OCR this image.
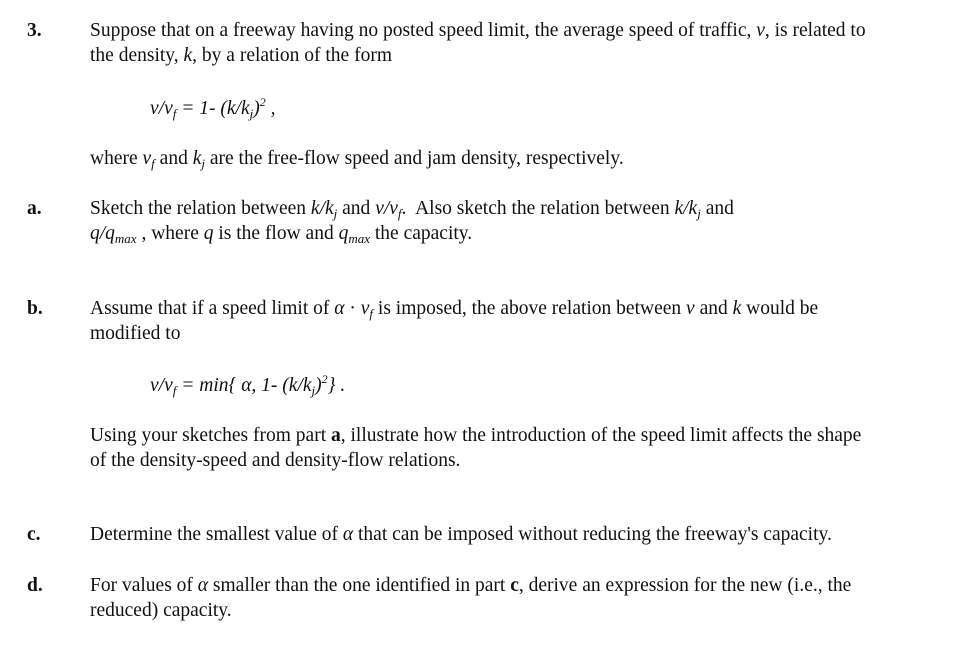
3. Suppose that on a freeway having no posted speed limit, the average speed of traffic, v, is related to
the density, k, by a relation of the form
$v/v_f = 1-$ $(k/k_j)^2$ ,
where $v_f$ and $k_j$ are the free-flow speed and jam density, respectively.
a. Sketch the relation between $k/k_j$ and $v/v_f$.  Also sketch the relation between $k/k_j$ and
$q/q_{max}$ , where q is the flow and $q_{max}$ the capacity.
b. Assume that if a speed limit of $\alpha \cdot v_f$ is imposed, the above relation between v and k would be
modified to
$v/v_f = \min${ α, 1- $(k/k_j)^2$} .
Using your sketches from part a, illustrate how the introduction of the speed limit affects the shape
of the density-speed and density-flow relations.
c.	Determine the smallest value of α that can be imposed without reducing the freeway's capacity.
d. For values of α smaller than the one identified in part c, derive an expression for the new (i.e., the
reduced) capacity.
